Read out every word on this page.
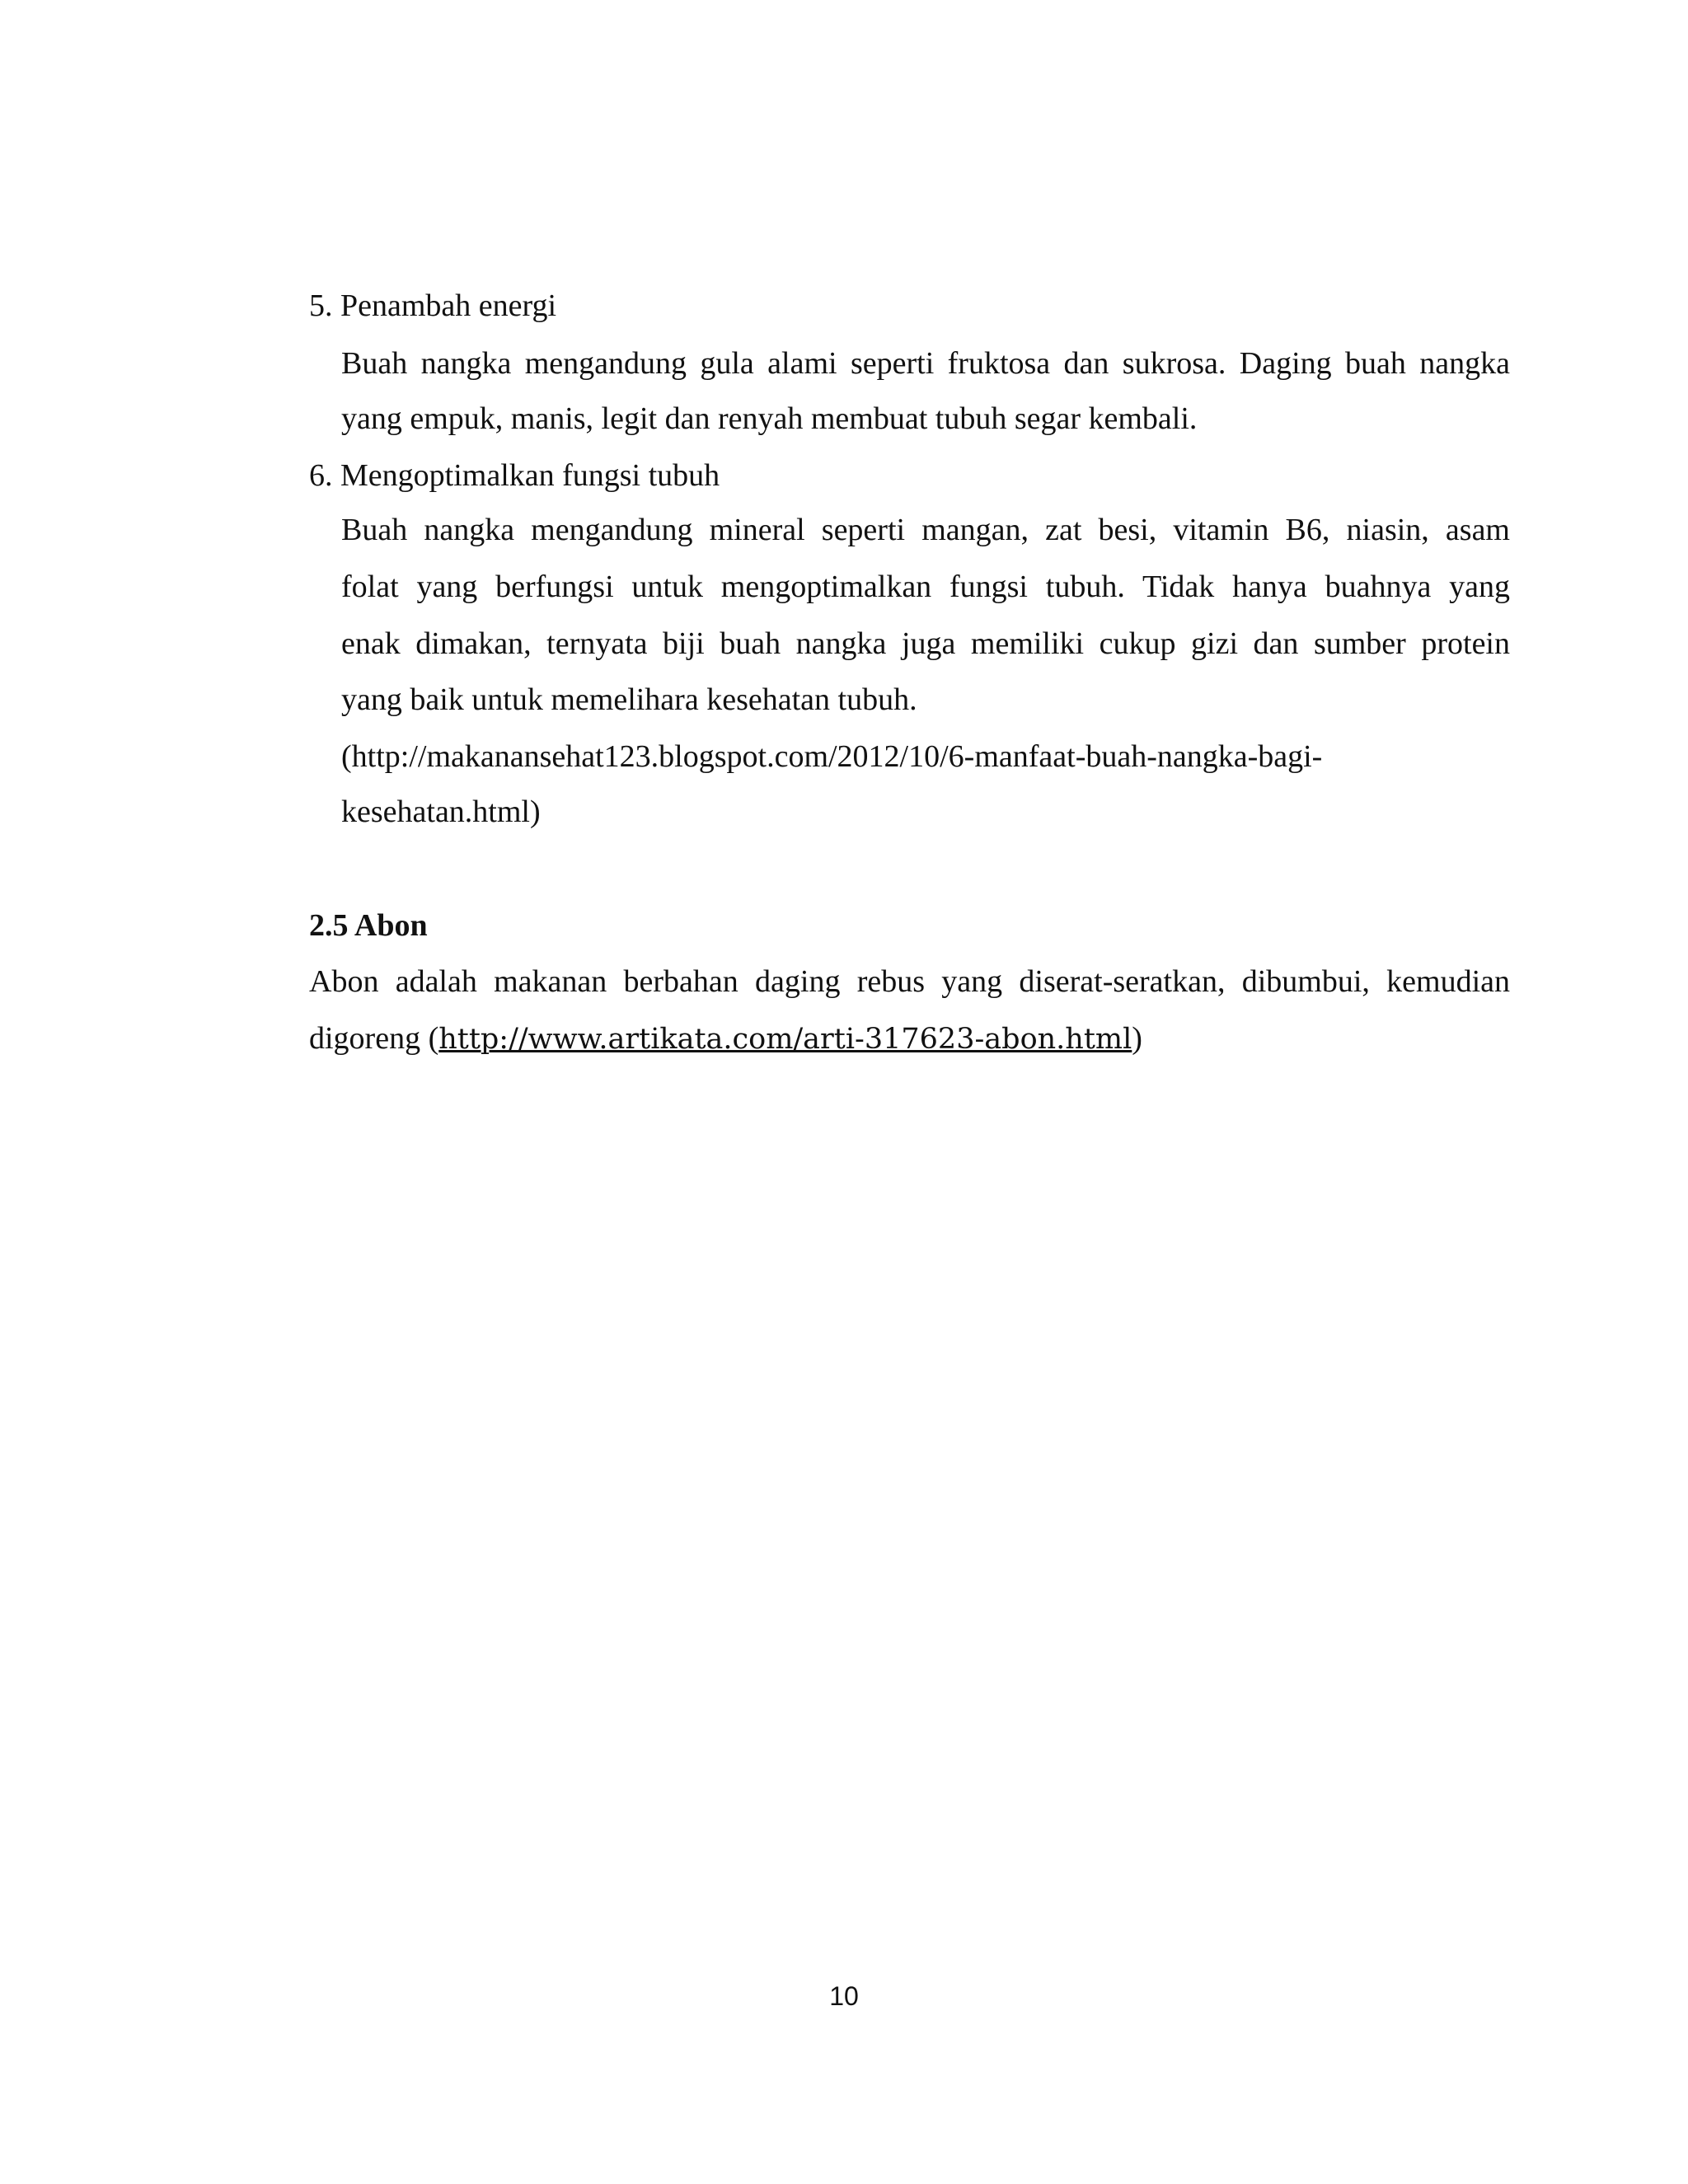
5. Penambah energi
Buah nangka mengandung gula alami seperti fruktosa dan sukrosa. Daging buah nangka
yang empuk, manis, legit dan renyah membuat tubuh segar kembali.
6. Mengoptimalkan fungsi tubuh
Buah nangka mengandung mineral seperti mangan, zat besi, vitamin B6, niasin, asam
folat yang berfungsi untuk mengoptimalkan fungsi tubuh. Tidak hanya buahnya yang
enak dimakan, ternyata biji buah nangka juga memiliki cukup gizi dan sumber protein
yang baik untuk memelihara kesehatan tubuh.
(http://makanansehat123.blogspot.com/2012/10/6-manfaat-buah-nangka-bagi-
kesehatan.html)
2.5 Abon
Abon adalah makanan berbahan daging rebus yang diserat-seratkan, dibumbui, kemudian
digoreng (http://www.artikata.com/arti-317623-abon.html)
10
